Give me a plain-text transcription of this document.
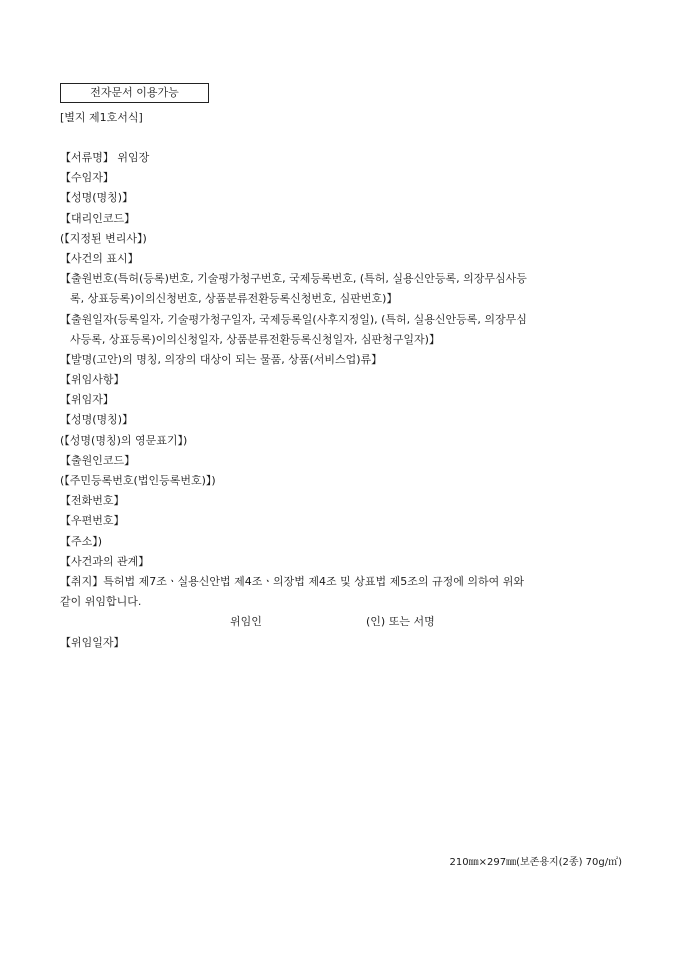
전자문서 이용가능
[별지 제1호서식]
【서류명】 위임장
【수임자】
【성명(명칭)】
【대리인코드】
(【지정된 변리사】)
【사건의 표시】
【출원번호(특허(등록)번호, 기술평가청구번호, 국제등록번호, (특허, 실용신안등록, 의장무심사등
록, 상표등록)이의신청번호, 상품분류전환등록신청번호, 심판번호)】
【출원일자(등록일자, 기술평가청구일자, 국제등록일(사후지정일), (특허, 실용신안등록, 의장무심
사등록, 상표등록)이의신청일자, 상품분류전환등록신청일자, 심판청구일자)】
【발명(고안)의 명칭, 의장의 대상이 되는 물품, 상품(서비스업)류】
【위임사항】
【위임자】
【성명(명칭)】
(【성명(명칭)의 영문표기】)
【출원인코드】
(【주민등록번호(법인등록번호)】)
【전화번호】
【우편번호】
【주소】)
【사건과의 관계】
【취지】특허법 제7조ㆍ실용신안법 제4조ㆍ의장법 제4조 및 상표법 제5조의 규정에 의하여 위와
같이 위임합니다.
위임인	(인) 또는 서명
【위임일자】
210㎜×297㎜(보존용지(2종) 70g/㎡)
